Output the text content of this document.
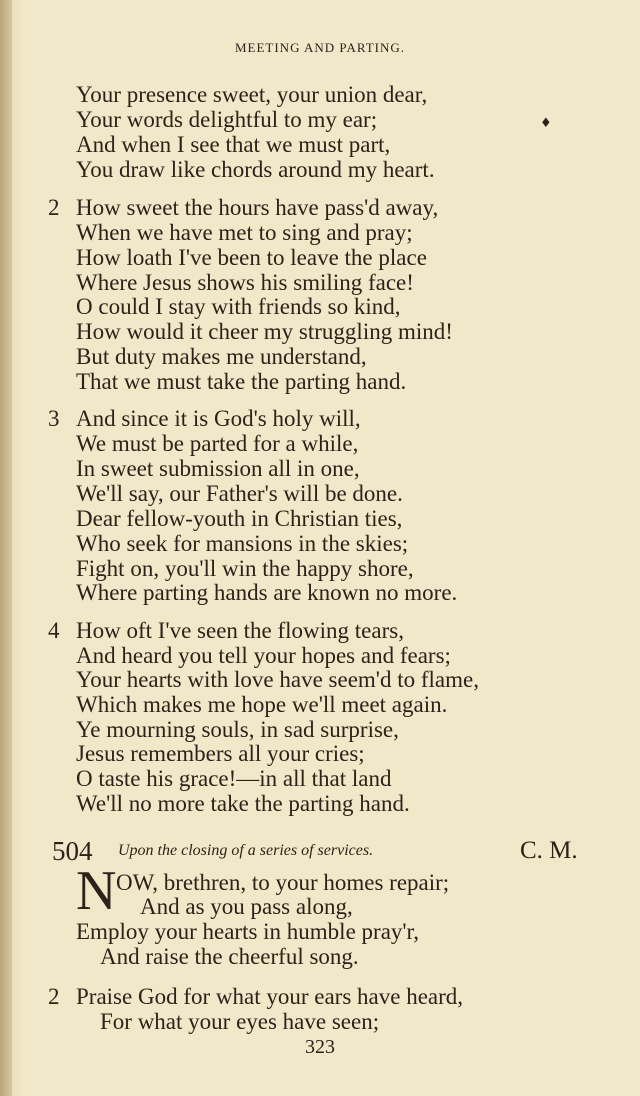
MEETING AND PARTING.
♦
Your presence sweet, your union dear,
Your words delightful to my ear;
And when I see that we must part,
You draw like chords around my heart.
2 How sweet the hours have pass'd away,
When we have met to sing and pray;
How loath I've been to leave the place
Where Jesus shows his smiling face!
O could I stay with friends so kind,
How would it cheer my struggling mind!
But duty makes me understand,
That we must take the parting hand.
3 And since it is God's holy will,
We must be parted for a while,
In sweet submission all in one,
We'll say, our Father's will be done.
Dear fellow-youth in Christian ties,
Who seek for mansions in the skies;
Fight on, you'll win the happy shore,
Where parting hands are known no more.
4 How oft I've seen the flowing tears,
And heard you tell your hopes and fears;
Your hearts with love have seem'd to flame,
Which makes me hope we'll meet again.
Ye mourning souls, in sad surprise,
Jesus remembers all your cries;
O taste his grace!—in all that land
We'll no more take the parting hand.
504 Upon the closing of a series of services.	C. M.
N OW, brethren, to your homes repair;
And as you pass along,
Employ your hearts in humble pray'r,
And raise the cheerful song.
2 Praise God for what your ears have heard,
For what your eyes have seen;
323
